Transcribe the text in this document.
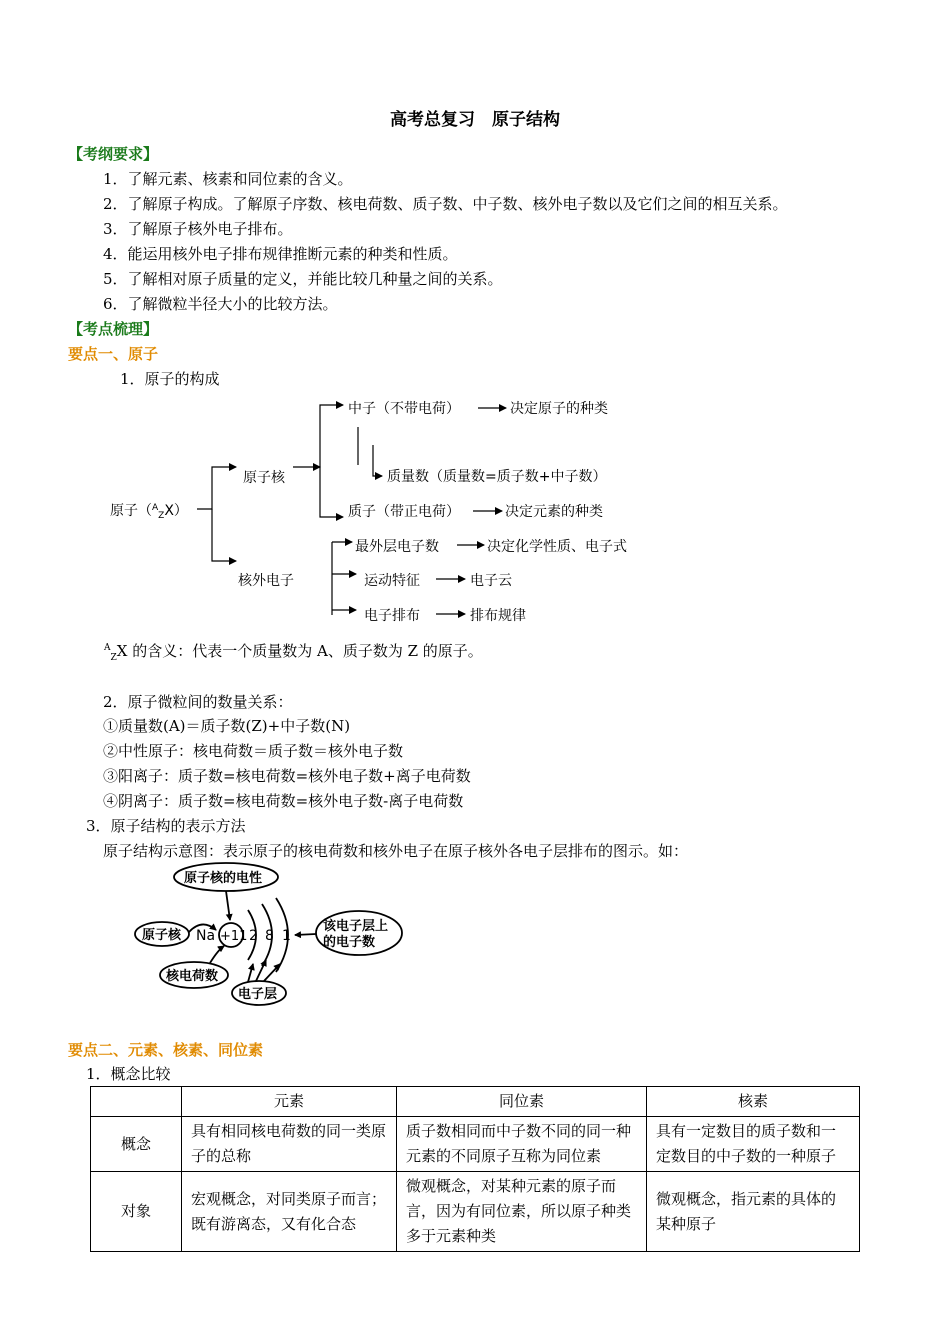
高考总复习　原子结构
【考纲要求】
1．了解元素、核素和同位素的含义。
2．了解原子构成。了解原子序数、核电荷数、质子数、中子数、核外电子数以及它们之间的相互关系。
3．了解原子核外电子排布。
4．能运用核外电子排布规律推断元素的种类和性质。
5．了解相对原子质量的定义，并能比较几种量之间的关系。
6．了解微粒半径大小的比较方法。
【考点梳理】
要点一、原子
1．原子的构成
原子（$^A_Z$X）
原子核
中子（不带电荷）	决定原子的种类
质量数（质量数=质子数+中子数）
质子（带正电荷）	决定元素的种类
核外电子
最外层电子数	决定化学性质、电子式
运动特征	电子云
电子排布	排布规律
$^A_Z$X 的含义：代表一个质量数为 A、质子数为 Z 的原子。
2．原子微粒间的数量关系：
①质量数(A)＝质子数(Z)+中子数(N)
②中性原子：核电荷数＝质子数＝核外电子数
③阳离子：质子数=核电荷数=核外电子数+离子电荷数
④阴离子：质子数=核电荷数=核外电子数-离子电荷数
3．原子结构的表示方法
原子结构示意图：表示原子的核电荷数和核外电子在原子核外各电子层排布的图示。如：
原子核的电性
原子核 Na +11 2 8 1
该电子层上
的电子数
核电荷数
电子层
要点二、元素、核素、同位素
1．概念比较
	元素	同位素	核素
概念	具有相同核电荷数的同一类原子的总称	质子数相同而中子数不同的同一种元素的不同原子互称为同位素	具有一定数目的质子数和一定数目的中子数的一种原子
对象	宏观概念，对同类原子而言；既有游离态，又有化合态	微观概念，对某种元素的原子而言，因为有同位素，所以原子种类多于元素种类	微观概念，指元素的具体的某种原子
